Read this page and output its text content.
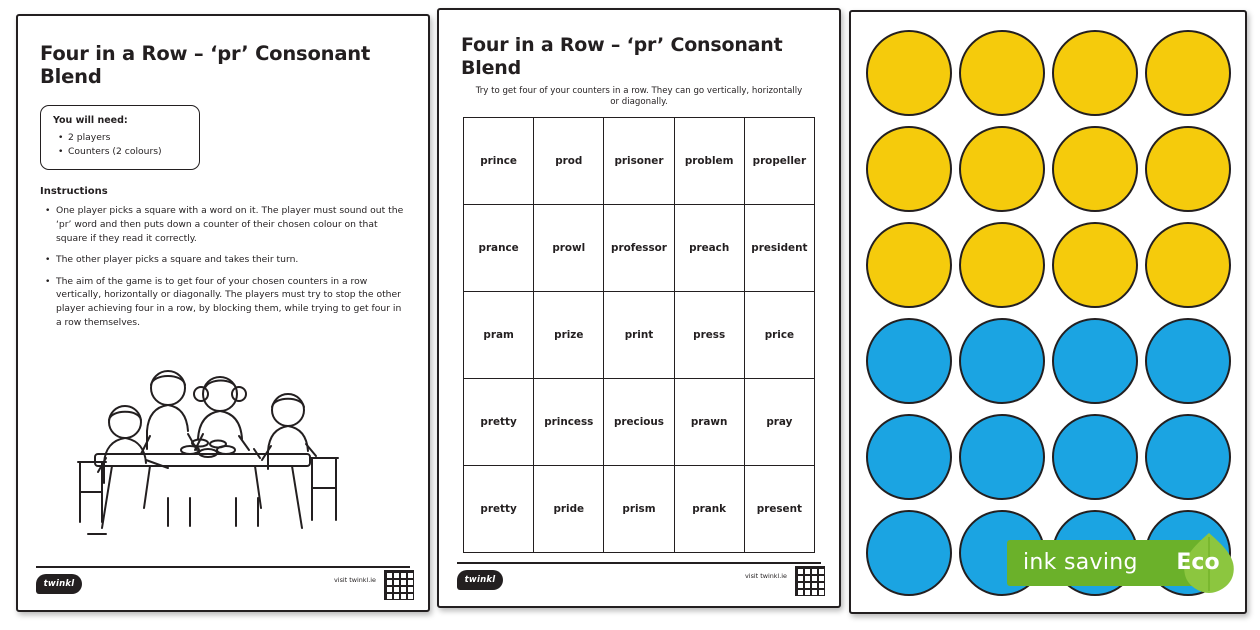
Four in a Row – ‘pr’ Consonant Blend
You will need:
• 2 players
• Counters (2 colours)
Instructions
• One player picks a square with a word on it. The player must sound out the ‘pr’ word and then puts down a counter of their chosen colour on that square if they read it correctly.
• The other player picks a square and takes their turn.
• The aim of the game is to get four of your chosen counters in a row vertically, horizontally or diagonally. The players must try to stop the other player achieving four in a row, by blocking them, while trying to get four in a row themselves.
twinkl	visit twinkl.ie
Four in a Row – ‘pr’ Consonant Blend
Try to get four of your counters in a row. They can go vertically, horizontally or diagonally.
prince	prod	prisoner	problem	propeller
prance	prowl	professor	preach	president
pram	prize	print	press	price
pretty	princess	precious	prawn	pray
pretty	pride	prism	prank	present
twinkl	visit twinkl.ie
ink saving	Eco
